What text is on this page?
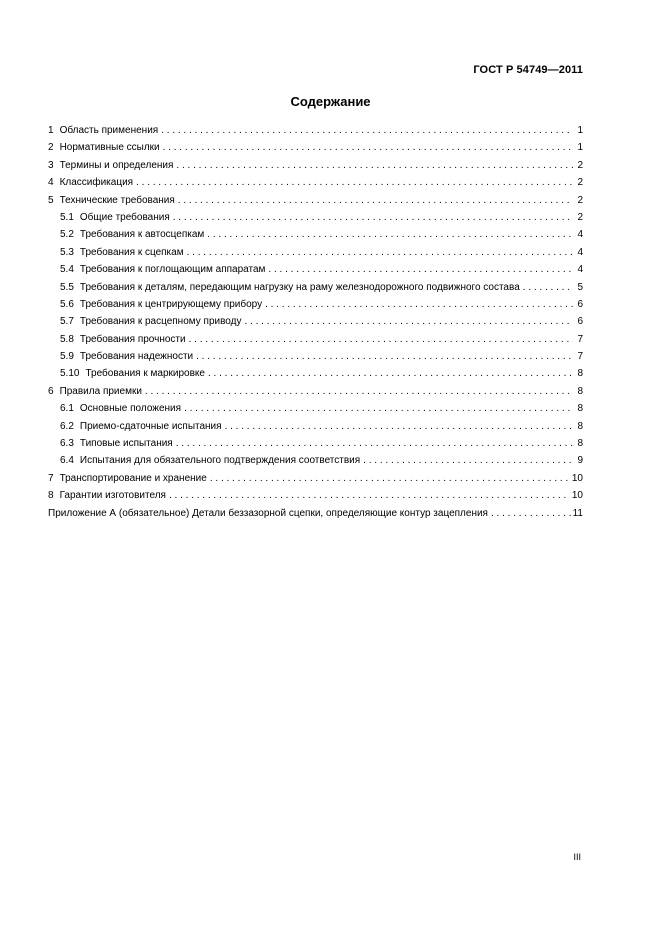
ГОСТ Р 54749—2011
Содержание
1 Область применения . . .	1
2 Нормативные ссылки . . .	1
3 Термины и определения . . .	2
4 Классификация . . .	2
5 Технические требования . . .	2
5.1 Общие требования . . .	2
5.2 Требования к автосцепкам . . .	4
5.3 Требования к сцепкам . . .	4
5.4 Требования к поглощающим аппаратам . . .	4
5.5 Требования к деталям, передающим нагрузку на раму железнодорожного подвижного состава . . .	5
5.6 Требования к центрирующему прибору . . .	6
5.7 Требования к расцепному приводу . . .	6
5.8 Требования прочности . . .	7
5.9 Требования надежности . . .	7
5.10 Требования к маркировке . . .	8
6 Правила приемки . . .	8
6.1 Основные положения . . .	8
6.2 Приемо-сдаточные испытания . . .	8
6.3 Типовые испытания . . .	8
6.4 Испытания для обязательного подтверждения соответствия . . .	9
7 Транспортирование и хранение . . .	10
8 Гарантии изготовителя . . .	10
Приложение А (обязательное) Детали беззазорной сцепки, определяющие контур зацепления . . .	11
III
